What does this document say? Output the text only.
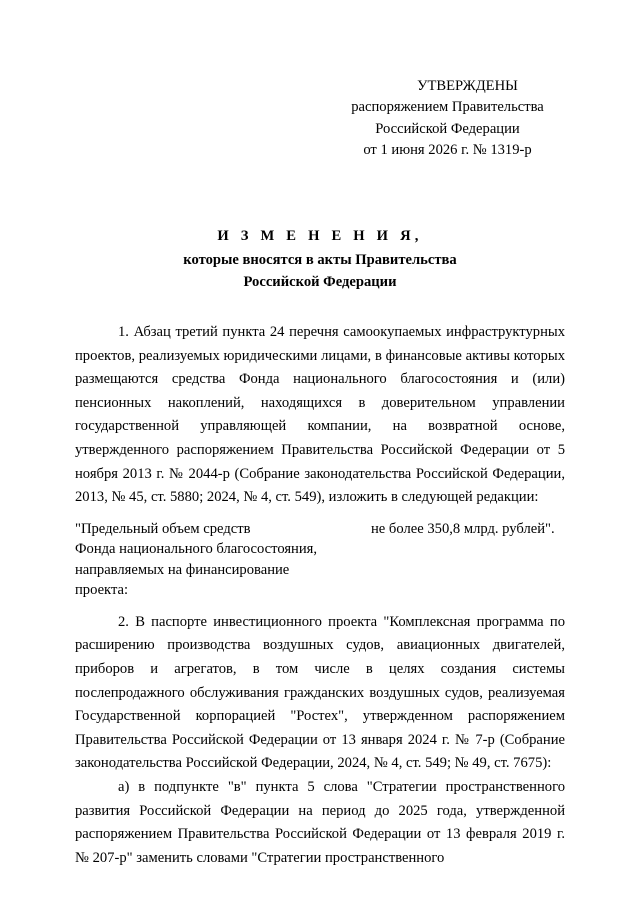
УТВЕРЖДЕНЫ
распоряжением Правительства
Российской Федерации
от 1 июня 2026 г. № 1319-р
И З М Е Н Е Н И Я,
которые вносятся в акты Правительства
Российской Федерации

1. Абзац третий пункта 24 перечня самоокупаемых инфраструктурных проектов, реализуемых юридическими лицами, в финансовые активы которых размещаются средства Фонда национального благосостояния и (или) пенсионных накоплений, находящихся в доверительном управлении государственной управляющей компании, на возвратной основе, утвержденного распоряжением Правительства Российской Федерации от 5 ноября 2013 г. № 2044-р (Собрание законодательства Российской Федерации, 2013, № 45, ст. 5880; 2024, № 4, ст. 549), изложить в следующей редакции:

"Предельный объем средств
Фонда национального благосостояния,
направляемых на финансирование проекта:
не более 350,8 млрд. рублей".

2. В паспорте инвестиционного проекта "Комплексная программа по расширению производства воздушных судов, авиационных двигателей, приборов и агрегатов, в том числе в целях создания системы послепродажного обслуживания гражданских воздушных судов, реализуемая Государственной корпорацией "Ростех", утвержденном распоряжением Правительства Российской Федерации от 13 января 2024 г. № 7-р (Собрание законодательства Российской Федерации, 2024, № 4, ст. 549; № 49, ст. 7675):

а) в подпункте "в" пункта 5 слова "Стратегии пространственного развития Российской Федерации на период до 2025 года, утвержденной распоряжением Правительства Российской Федерации от 13 февраля 2019 г. № 207-р" заменить словами "Стратегии пространственного
